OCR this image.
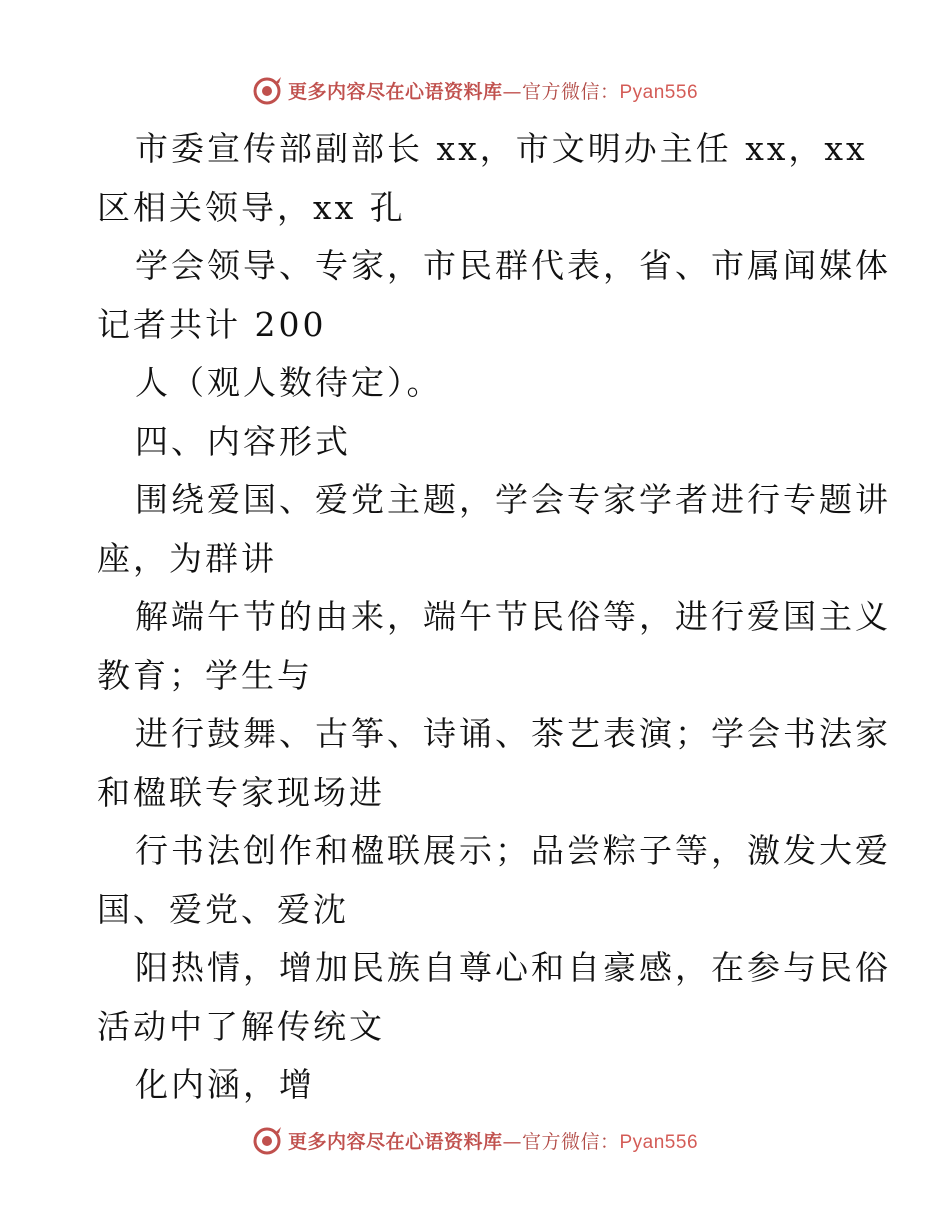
更多内容尽在心语资料库—官方微信：Pyan556
市委宣传部副部长 xx，市文明办主任 xx，xx
区相关领导，xx 孔
学会领导、专家，市民群代表，省、市属闻媒体
记者共计 200
人（观人数待定）。
四、内容形式
围绕爱国、爱党主题，学会专家学者进行专题讲
座，为群讲
解端午节的由来，端午节民俗等，进行爱国主义
教育；学生与
进行鼓舞、古筝、诗诵、茶艺表演；学会书法家
和楹联专家现场进
行书法创作和楹联展示；品尝粽子等，激发大爱
国、爱党、爱沈
阳热情，增加民族自尊心和自豪感，在参与民俗
活动中了解传统文
化内涵，增
更多内容尽在心语资料库—官方微信：Pyan556
